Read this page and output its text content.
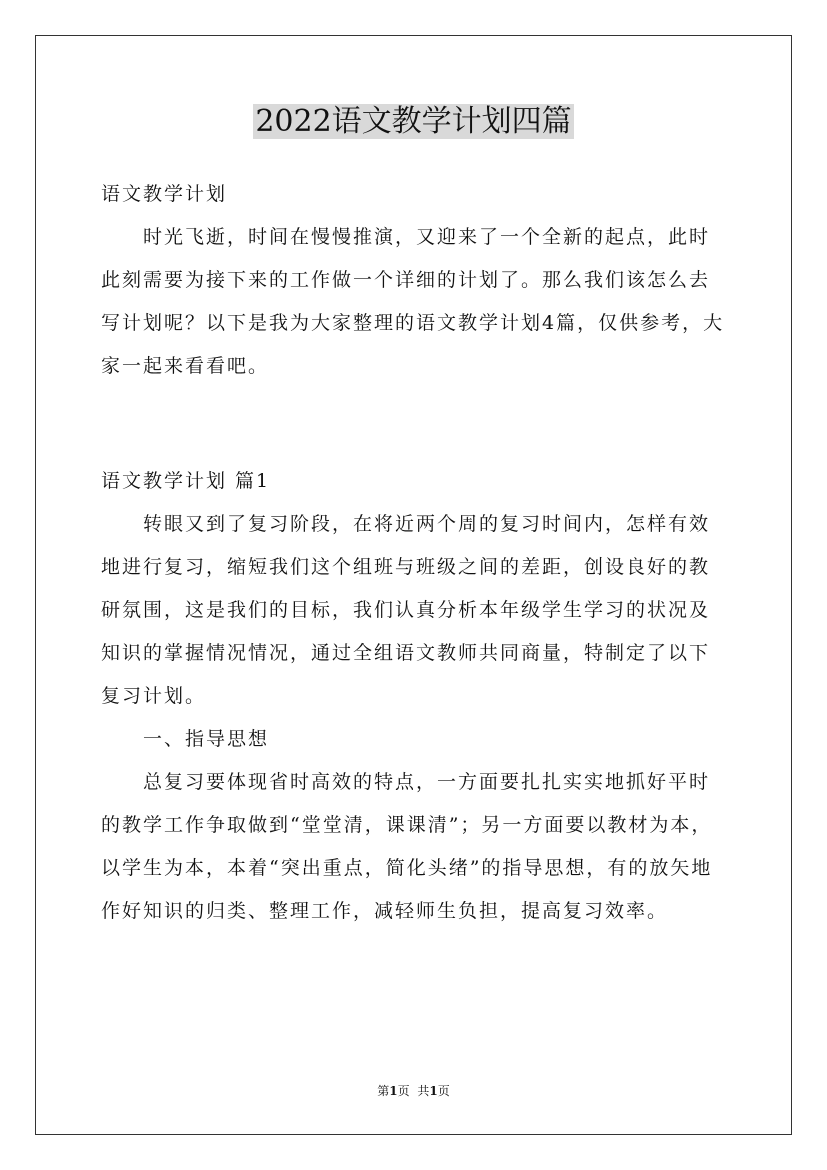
2022语文教学计划四篇

语文教学计划

时光飞逝，时间在慢慢推演，又迎来了一个全新的起点，此时此刻需要为接下来的工作做一个详细的计划了。那么我们该怎么去写计划呢？以下是我为大家整理的语文教学计划4篇，仅供参考，大家一起来看看吧。

语文教学计划 篇1

转眼又到了复习阶段，在将近两个周的复习时间内，怎样有效地进行复习，缩短我们这个组班与班级之间的差距，创设良好的教研氛围，这是我们的目标，我们认真分析本年级学生学习的状况及知识的掌握情况情况，通过全组语文教师共同商量，特制定了以下复习计划。

一、指导思想

总复习要体现省时高效的特点，一方面要扎扎实实地抓好平时的教学工作争取做到“堂堂清，课课清”；另一方面要以教材为本，以学生为本，本着“突出重点，简化头绪”的指导思想，有的放矢地作好知识的归类、整理工作，减轻师生负担，提高复习效率。

第1页 共1页
